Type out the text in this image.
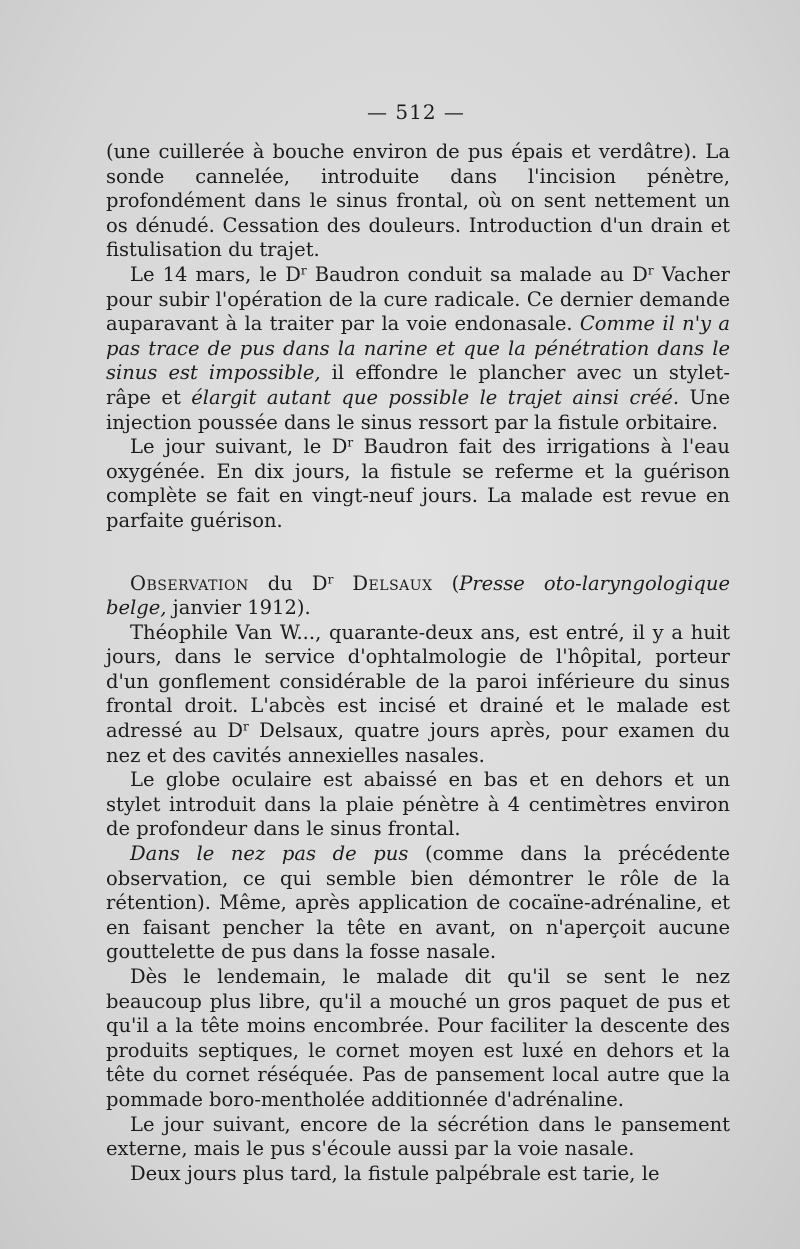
— 512 —

(une cuillerée à bouche environ de pus épais et verdâtre). La sonde cannelée, introduite dans l'incision pénètre, profondément dans le sinus frontal, où on sent nettement un os dénudé. Cessation des douleurs. Introduction d'un drain et fistulisation du trajet.

Le 14 mars, le $D^r$ Baudron conduit sa malade au $D^r$ Vacher pour subir l'opération de la cure radicale. Ce dernier demande auparavant à la traiter par la voie endonasale. Comme il n'y a pas trace de pus dans la narine et que la pénétration dans le sinus est impossible, il effondre le plancher avec un stylet-râpe et élargit autant que possible le trajet ainsi créé. Une injection poussée dans le sinus ressort par la fistule orbitaire.

Le jour suivant, le $D^r$ Baudron fait des irrigations à l'eau oxygénée. En dix jours, la fistule se referme et la guérison complète se fait en vingt-neuf jours. La malade est revue en parfaite guérison.

Observation du $D^r$ Delsaux (Presse oto-laryngologique belge, janvier 1912).

Théophile Van W..., quarante-deux ans, est entré, il y a huit jours, dans le service d'ophtalmologie de l'hôpital, porteur d'un gonflement considérable de la paroi inférieure du sinus frontal droit. L'abcès est incisé et drainé et le malade est adressé au $D^r$ Delsaux, quatre jours après, pour examen du nez et des cavités annexielles nasales.

Le globe oculaire est abaissé en bas et en dehors et un stylet introduit dans la plaie pénètre à 4 centimètres environ de profondeur dans le sinus frontal.

Dans le nez pas de pus (comme dans la précédente observation, ce qui semble bien démontrer le rôle de la rétention). Même, après application de cocaïne-adrénaline, et en faisant pencher la tête en avant, on n'aperçoit aucune gouttelette de pus dans la fosse nasale.

Dès le lendemain, le malade dit qu'il se sent le nez beaucoup plus libre, qu'il a mouché un gros paquet de pus et qu'il a la tête moins encombrée. Pour faciliter la descente des produits septiques, le cornet moyen est luxé en dehors et la tête du cornet réséquée. Pas de pansement local autre que la pommade boro-mentholée additionnée d'adrénaline.

Le jour suivant, encore de la sécrétion dans le pansement externe, mais le pus s'écoule aussi par la voie nasale.

Deux jours plus tard, la fistule palpébrale est tarie, le
